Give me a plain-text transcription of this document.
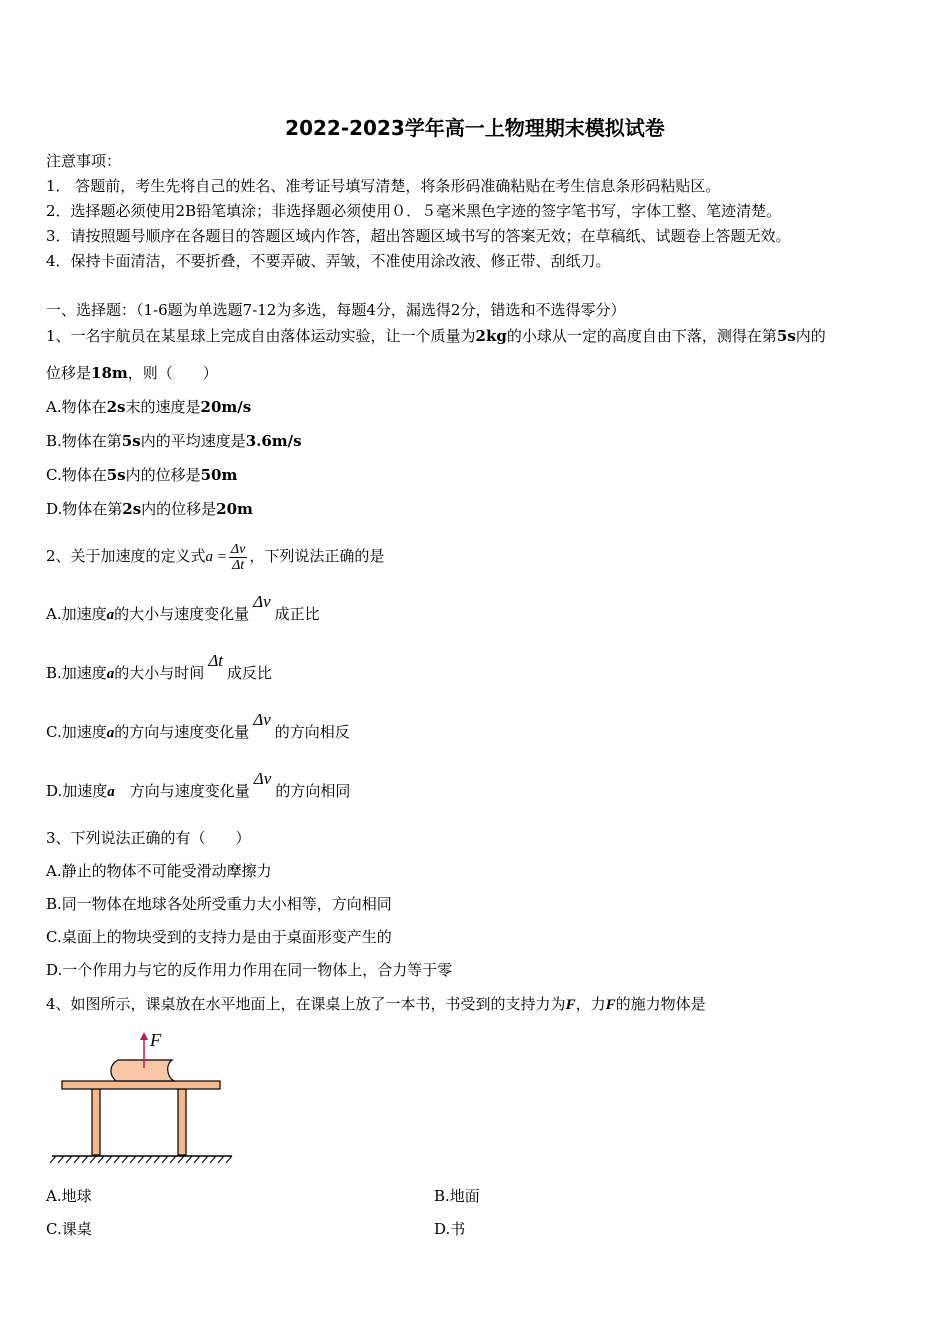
2022-2023学年高一上物理期末模拟试卷
注意事项：
1． 答题前，考生先将自己的姓名、准考证号填写清楚，将条形码准确粘贴在考生信息条形码粘贴区。
2．选择题必须使用2B铅笔填涂；非选择题必须使用０．５毫米黑色字迹的签字笔书写，字体工整、笔迹清楚。
3．请按照题号顺序在各题目的答题区域内作答，超出答题区域书写的答案无效；在草稿纸、试题卷上答题无效。
4．保持卡面清洁，不要折叠，不要弄破、弄皱，不准使用涂改液、修正带、刮纸刀。
一、选择题：（1-6题为单选题7-12为多选，每题4分，漏选得2分，错选和不选得零分）
1、一名宇航员在某星球上完成自由落体运动实验，让一个质量为2kg的小球从一定的高度自由下落，测得在第5s内的
位移是18m，则（　　）
A.物体在2s末的速度是20m/s
B.物体在第5s内的平均速度是3.6m/s
C.物体在5s内的位移是50m
D.物体在第2s内的位移是20m
2、关于加速度的定义式$a = \frac{\Delta v}{\Delta t}$ ，下列说法正确的是
A.加速度a的大小与速度变化量Δv成正比
B.加速度a的大小与时间Δt成反比
C.加速度a的方向与速度变化量Δv的方向相反
D.加速度a　方向与速度变化量Δv的方向相同
3、下列说法正确的有（　　）
A.静止的物体不可能受滑动摩擦力
B.同一物体在地球各处所受重力大小相等，方向相同
C.桌面上的物块受到的支持力是由于桌面形变产生的
D.一个作用力与它的反作用力作用在同一物体上，合力等于零
4、如图所示，课桌放在水平地面上，在课桌上放了一本书，书受到的支持力为F，力F的施力物体是
F
A.地球	B.地面
C.课桌	D.书
